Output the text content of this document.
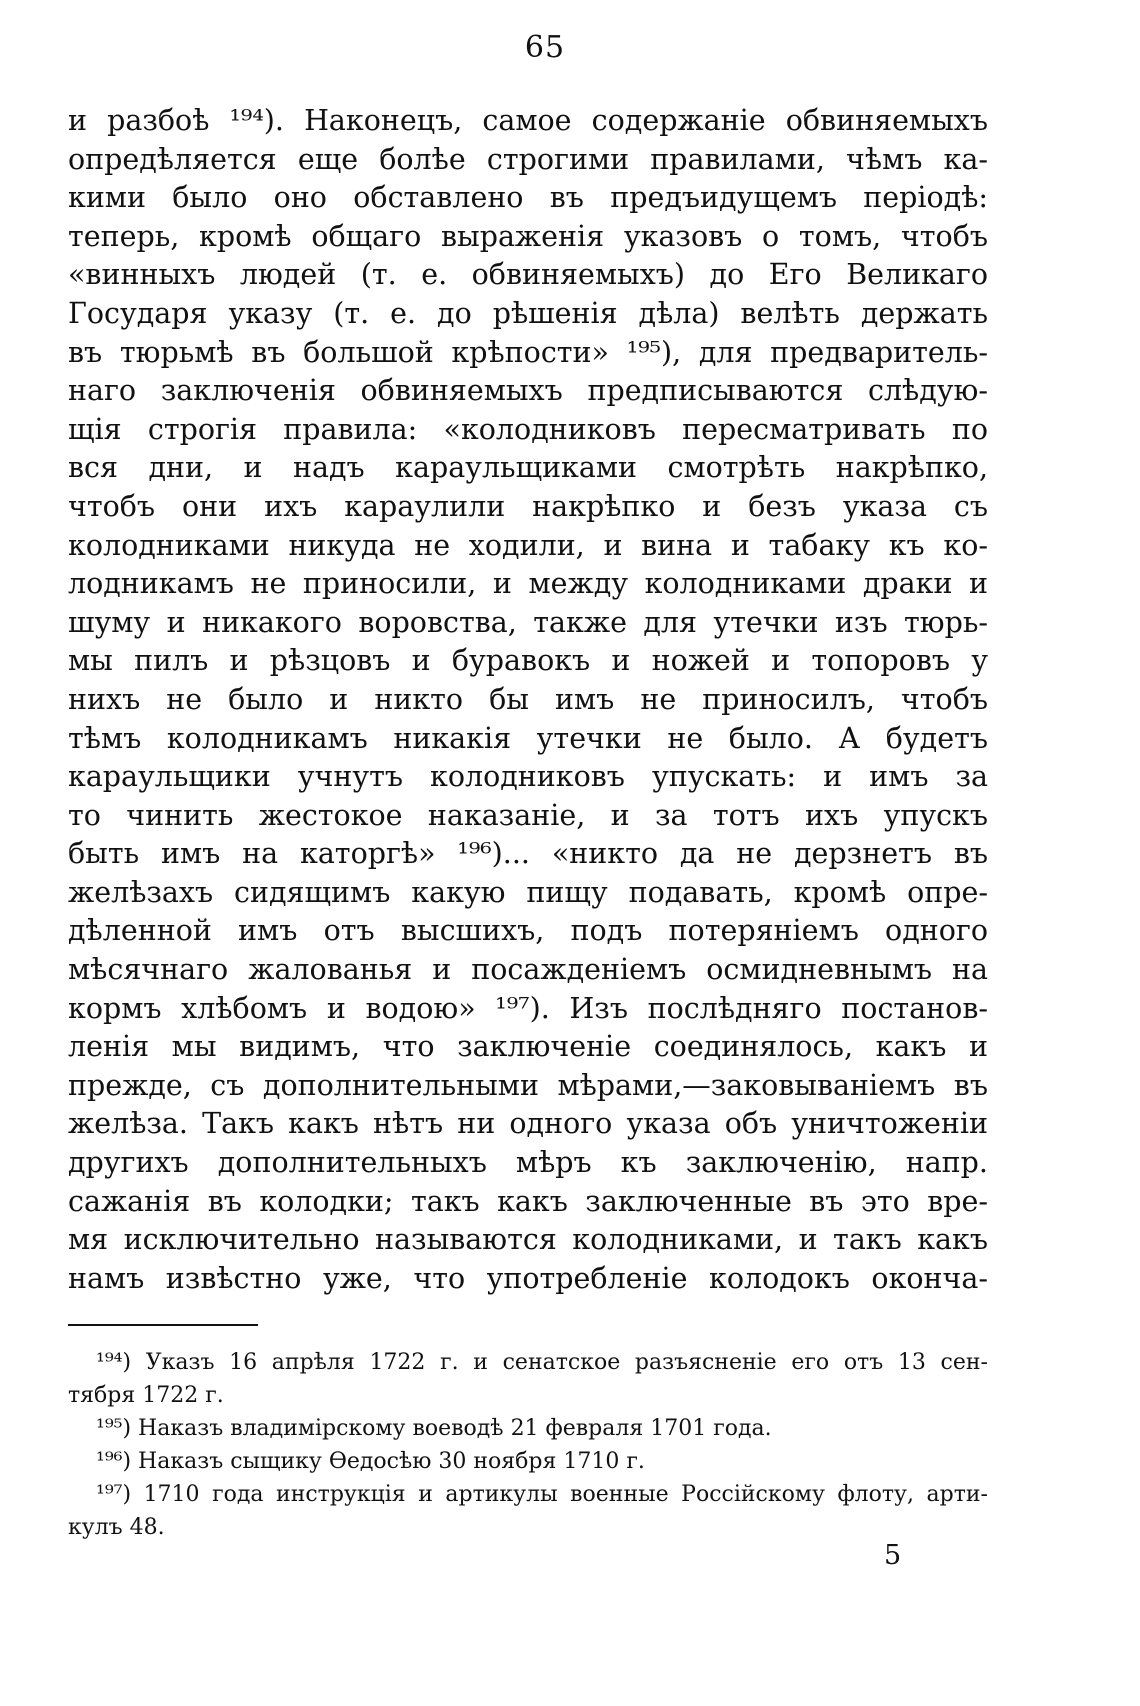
65
и разбоѣ ¹⁹⁴). Наконецъ, самое содержаніе обвиняемыхъ
опредѣляется еще болѣе строгими правилами, чѣмъ ка-
кими было оно обставлено въ предъидущемъ періодѣ:
теперь, кромѣ общаго выраженія указовъ о томъ, чтобъ
«винныхъ людей (т. е. обвиняемыхъ) до Его Великаго
Государя указу (т. е. до рѣшенія дѣла) велѣть держать
въ тюрьмѣ въ большой крѣпости» ¹⁹⁵), для предваритель-
наго заключенія обвиняемыхъ предписываются слѣдую-
щія строгія правила: «колодниковъ пересматривать по
вся дни, и надъ караульщиками смотрѣть накрѣпко,
чтобъ они ихъ караулили накрѣпко и безъ указа съ
колодниками никуда не ходили, и вина и табаку къ ко-
лодникамъ не приносили, и между колодниками драки и
шуму и никакого воровства, также для утечки изъ тюрь-
мы пилъ и рѣзцовъ и буравокъ и ножей и топоровъ у
нихъ не было и никто бы имъ не приносилъ, чтобъ
тѣмъ колодникамъ никакія утечки не было. А будетъ
караульщики учнутъ колодниковъ упускать: и имъ за
то чинить жестокое наказаніе, и за тотъ ихъ упускъ
быть имъ на каторгѣ» ¹⁹⁶)... «никто да не дерзнетъ въ
желѣзахъ сидящимъ какую пищу подавать, кромѣ опре-
дѣленной имъ отъ высшихъ, подъ потеряніемъ одного
мѣсячнаго жалованья и посажденіемъ осмидневнымъ на
кормъ хлѣбомъ и водою» ¹⁹⁷). Изъ послѣдняго постанов-
ленія мы видимъ, что заключеніе соединялось, какъ и
прежде, съ дополнительными мѣрами,—заковываніемъ въ
желѣза. Такъ какъ нѣтъ ни одного указа объ уничтоженіи
другихъ дополнительныхъ мѣръ къ заключенію, напр.
сажанія въ колодки; такъ какъ заключенные въ это вре-
мя исключительно называются колодниками, и такъ какъ
намъ извѣстно уже, что употребленіе колодокъ оконча-
¹⁹⁴) Указъ 16 апрѣля 1722 г. и сенатское разъясненіе его отъ 13 сен-
тября 1722 г.
¹⁹⁵) Наказъ владимірскому воеводѣ 21 февраля 1701 года.
¹⁹⁶) Наказъ сыщику Ѳедосѣю 30 ноября 1710 г.
¹⁹⁷) 1710 года инструкція и артикулы военные Россійскому флоту, арти-
кулъ 48.
5
